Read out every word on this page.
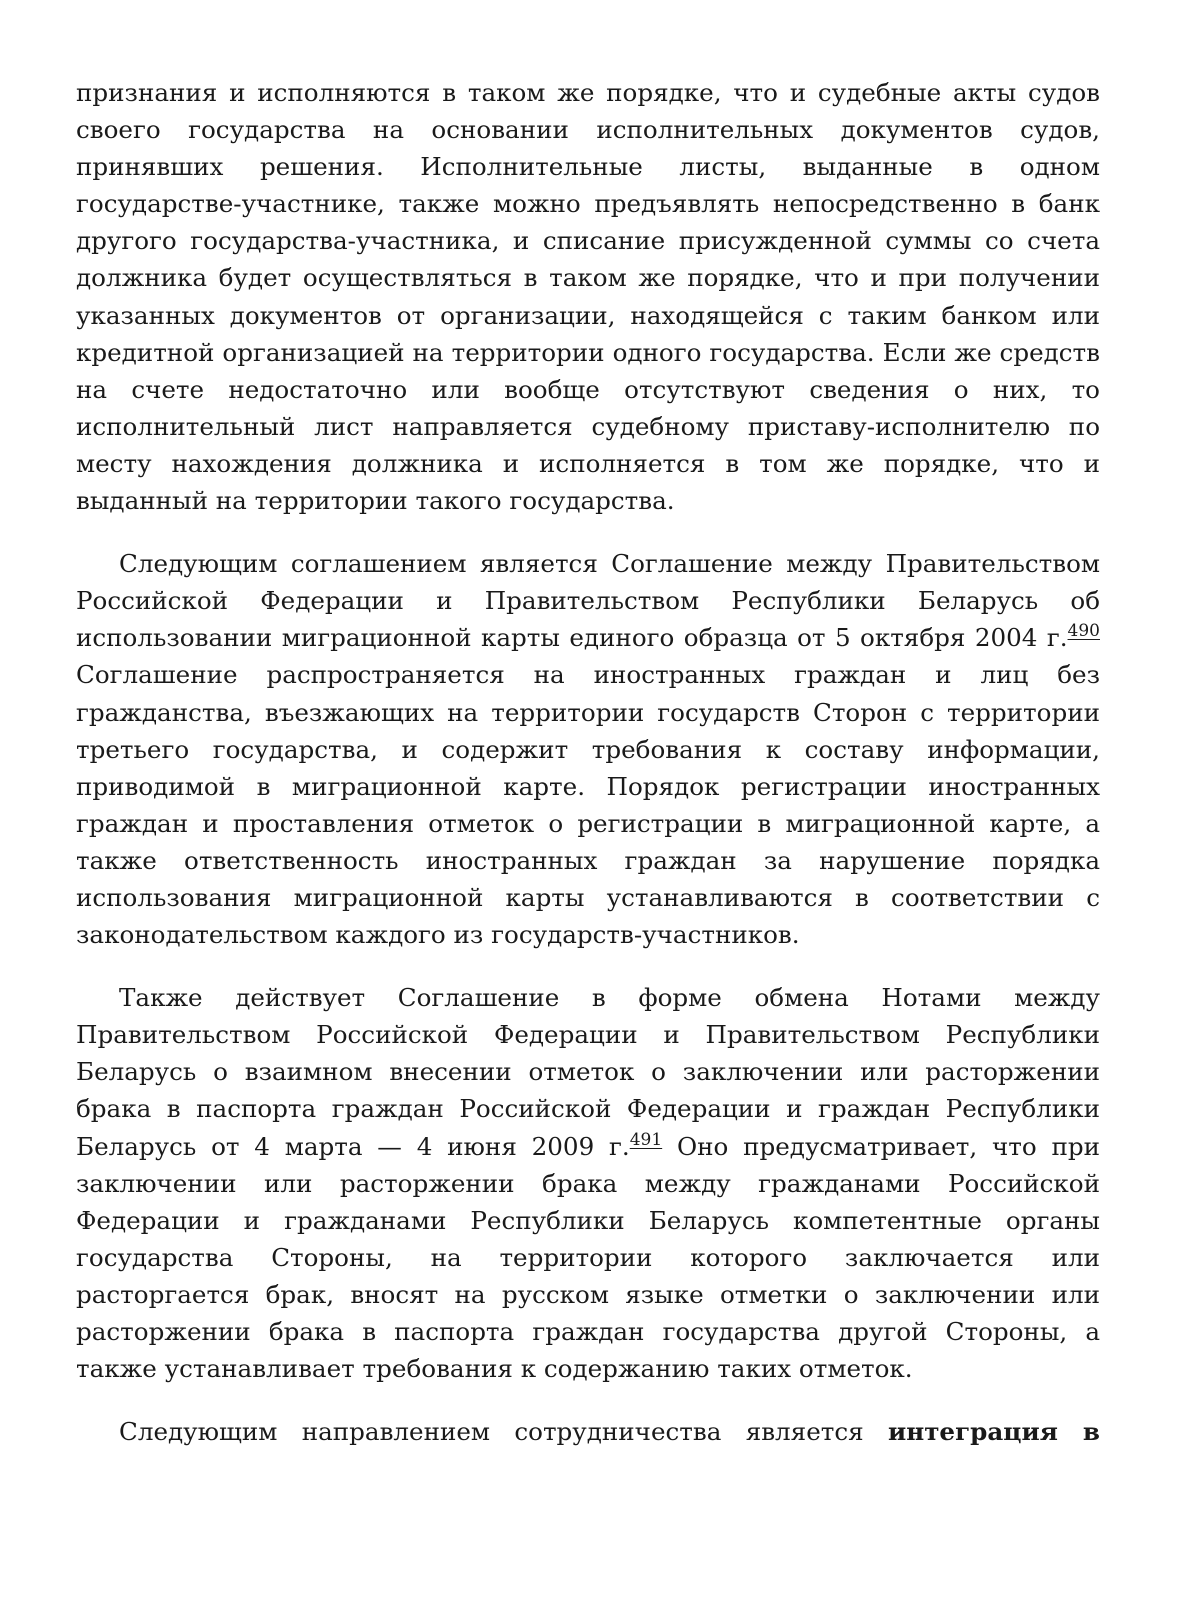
признания и исполняются в таком же порядке, что и судебные акты судов своего государства на основании исполнительных документов судов, принявших решения. Исполнительные листы, выданные в одном государстве-участнике, также можно предъявлять непосредственно в банк другого государства-участника, и списание присужденной суммы со счета должника будет осуществляться в таком же порядке, что и при получении указанных документов от организации, находящейся с таким банком или кредитной организацией на территории одного государства. Если же средств на счете недостаточно или вообще отсутствуют сведения о них, то исполнительный лист направляется судебному приставу-исполнителю по месту нахождения должника и исполняется в том же порядке, что и выданный на территории такого государства.

Следующим соглашением является Соглашение между Правительством Российской Федерации и Правительством Республики Беларусь об использовании миграционной карты единого образца от 5 октября 2004 г.$^{490}$ Соглашение распространяется на иностранных граждан и лиц без гражданства, въезжающих на территории государств Сторон с территории третьего государства, и содержит требования к составу информации, приводимой в миграционной карте. Порядок регистрации иностранных граждан и проставления отметок о регистрации в миграционной карте, а также ответственность иностранных граждан за нарушение порядка использования миграционной карты устанавливаются в соответствии с законодательством каждого из государств-участников.

Также действует Соглашение в форме обмена Нотами между Правительством Российской Федерации и Правительством Республики Беларусь о взаимном внесении отметок о заключении или расторжении брака в паспорта граждан Российской Федерации и граждан Республики Беларусь от 4 марта — 4 июня 2009 г.$^{491}$ Оно предусматривает, что при заключении или расторжении брака между гражданами Российской Федерации и гражданами Республики Беларусь компетентные органы государства Стороны, на территории которого заключается или расторгается брак, вносят на русском языке отметки о заключении или расторжении брака в паспорта граждан государства другой Стороны, а также устанавливает требования к содержанию таких отметок.

Следующим направлением сотрудничества является интеграция в
